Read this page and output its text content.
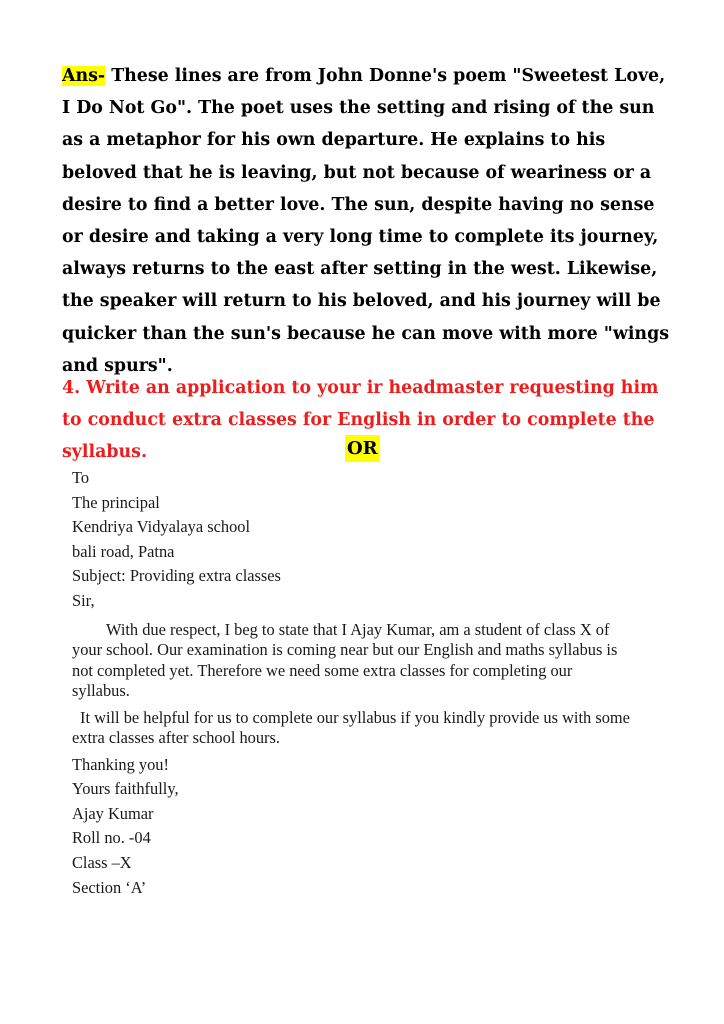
Ans- These lines are from John Donne's poem "Sweetest Love, I Do Not Go". The poet uses the setting and rising of the sun as a metaphor for his own departure. He explains to his beloved that he is leaving, but not because of weariness or a desire to find a better love. The sun, despite having no sense or desire and taking a very long time to complete its journey, always returns to the east after setting in the west. Likewise, the speaker will return to his beloved, and his journey will be quicker than the sun's because he can move with more "wings and spurs".

4. Write an application to your ir headmaster requesting him to conduct extra classes for English in order to complete the syllabus.	OR
To
The principal
Kendriya Vidyalaya school
bali road, Patna
Subject: Providing extra classes
Sir,
With due respect, I beg to state that I Ajay Kumar, am a student of class X of your school. Our examination is coming near but our English and maths syllabus is not completed yet. Therefore we need some extra classes for completing our syllabus.
It will be helpful for us to complete our syllabus if you kindly provide us with some extra classes after school hours.
Thanking you!
Yours faithfully,
Ajay Kumar
Roll no. -04
Class –X
Section ‘A’
